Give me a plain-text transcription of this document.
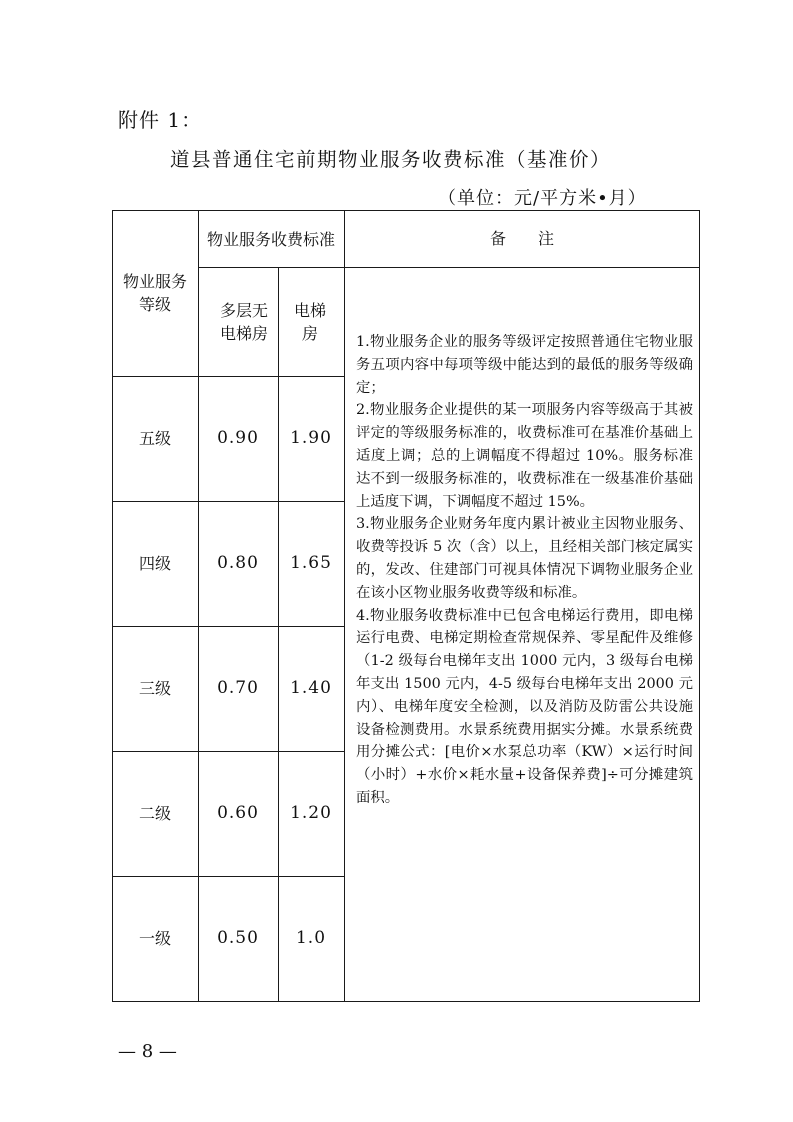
附件 1：
道县普通住宅前期物业服务收费标准（基准价）
（单位：元/平方米•月）
物业服务等级
物业服务收费标准
多层无电梯房
电梯房
备　　注
五级	0.90	1.90
四级	0.80	1.65
三级	0.70	1.40
二级	0.60	1.20
一级	0.50	1.0

1.物业服务企业的服务等级评定按照普通住宅物业服务五项内容中每项等级中能达到的最低的服务等级确定；

2.物业服务企业提供的某一项服务内容等级高于其被评定的等级服务标准的，收费标准可在基准价基础上适度上调；总的上调幅度不得超过 10%。服务标准达不到一级服务标准的，收费标准在一级基准价基础上适度下调，下调幅度不超过 15%。

3.物业服务企业财务年度内累计被业主因物业服务、收费等投诉 5 次（含）以上，且经相关部门核定属实的，发改、住建部门可视具体情况下调物业服务企业在该小区物业服务收费等级和标准。

4.物业服务收费标准中已包含电梯运行费用，即电梯运行电费、电梯定期检查常规保养、零星配件及维修（1-2 级每台电梯年支出 1000 元内，3 级每台电梯年支出 1500 元内，4-5 级每台电梯年支出 2000 元内）、电梯年度安全检测，以及消防及防雷公共设施设备检测费用。水景系统费用据实分摊。水景系统费用分摊公式：[电价×水泵总功率（KW）×运行时间（小时）+水价×耗水量+设备保养费]÷可分摊建筑面积。

— 8 —
